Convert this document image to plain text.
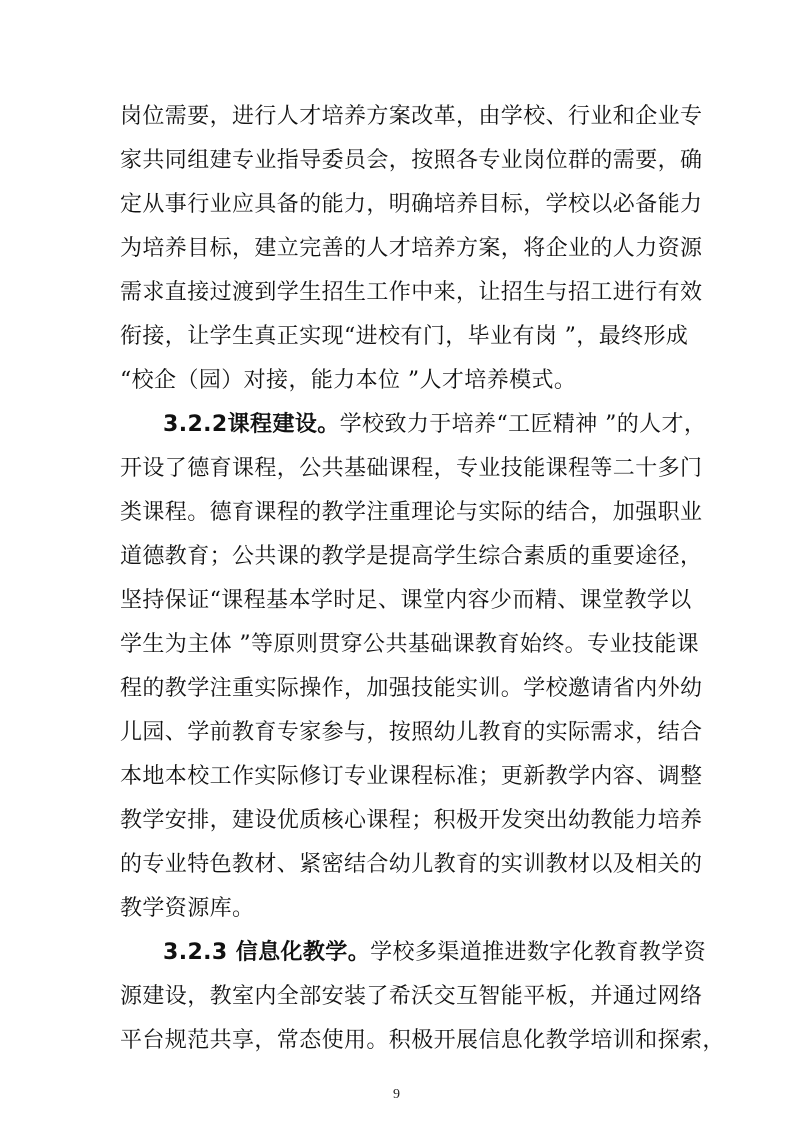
岗位需要，进行人才培养方案改革，由学校、行业和企业专
家共同组建专业指导委员会，按照各专业岗位群的需要，确
定从事行业应具备的能力，明确培养目标，学校以必备能力
为培养目标，建立完善的人才培养方案，将企业的人力资源
需求直接过渡到学生招生工作中来，让招生与招工进行有效
衔接，让学生真正实现“进校有门，毕业有岗 ”，最终形成
“校企（园）对接，能力本位 ”人才培养模式。
3.2.2课程建设。学校致力于培养“工匠精神 ”的人才，
开设了德育课程，公共基础课程，专业技能课程等二十多门
类课程。德育课程的教学注重理论与实际的结合，加强职业
道德教育；公共课的教学是提高学生综合素质的重要途径，
坚持保证“课程基本学时足、课堂内容少而精、课堂教学以
学生为主体 ”等原则贯穿公共基础课教育始终。专业技能课
程的教学注重实际操作，加强技能实训。学校邀请省内外幼
儿园、学前教育专家参与，按照幼儿教育的实际需求，结合
本地本校工作实际修订专业课程标准；更新教学内容、调整
教学安排，建设优质核心课程；积极开发突出幼教能力培养
的专业特色教材、紧密结合幼儿教育的实训教材以及相关的
教学资源库。
3.2.3 信息化教学。学校多渠道推进数字化教育教学资
源建设，教室内全部安装了希沃交互智能平板，并通过网络
平台规范共享，常态使用。积极开展信息化教学培训和探索，
9
